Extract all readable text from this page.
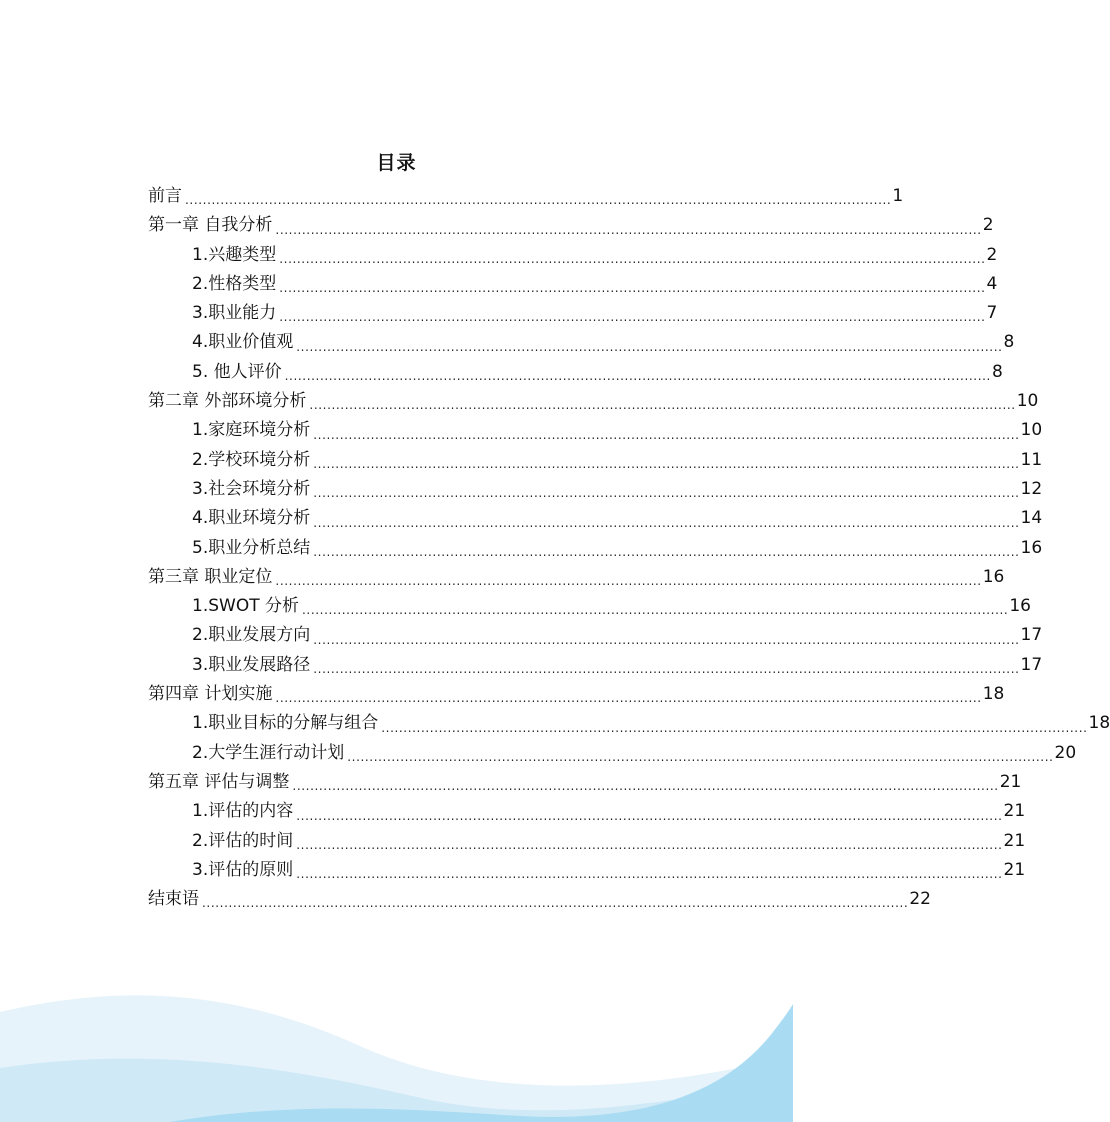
目录
前言 ................................................................................................................................................................ 1
第一章 自我分析 ................................................................................................................................................................ 2
1.兴趣类型 ................................................................................................................................................................ 2
2.性格类型 ................................................................................................................................................................ 4
3.职业能力 ................................................................................................................................................................ 7
4.职业价值观 ................................................................................................................................................................ 8
5. 他人评价 ................................................................................................................................................................ 8
第二章 外部环境分析 ................................................................................................................................................................ 10
1.家庭环境分析 ................................................................................................................................................................ 10
2.学校环境分析 ................................................................................................................................................................ 11
3.社会环境分析 ................................................................................................................................................................ 12
4.职业环境分析 ................................................................................................................................................................ 14
5.职业分析总结 ................................................................................................................................................................ 16
第三章 职业定位 ................................................................................................................................................................ 16
1.SWOT 分析 ................................................................................................................................................................ 16
2.职业发展方向 ................................................................................................................................................................ 17
3.职业发展路径 ................................................................................................................................................................ 17
第四章 计划实施 ................................................................................................................................................................ 18
1.职业目标的分解与组合 ................................................................................................................................................................ 18
2.大学生涯行动计划 ................................................................................................................................................................ 20
第五章 评估与调整 ................................................................................................................................................................ 21
1.评估的内容 ................................................................................................................................................................ 21
2.评估的时间 ................................................................................................................................................................ 21
3.评估的原则 ................................................................................................................................................................ 21
结束语 ................................................................................................................................................................ 22
